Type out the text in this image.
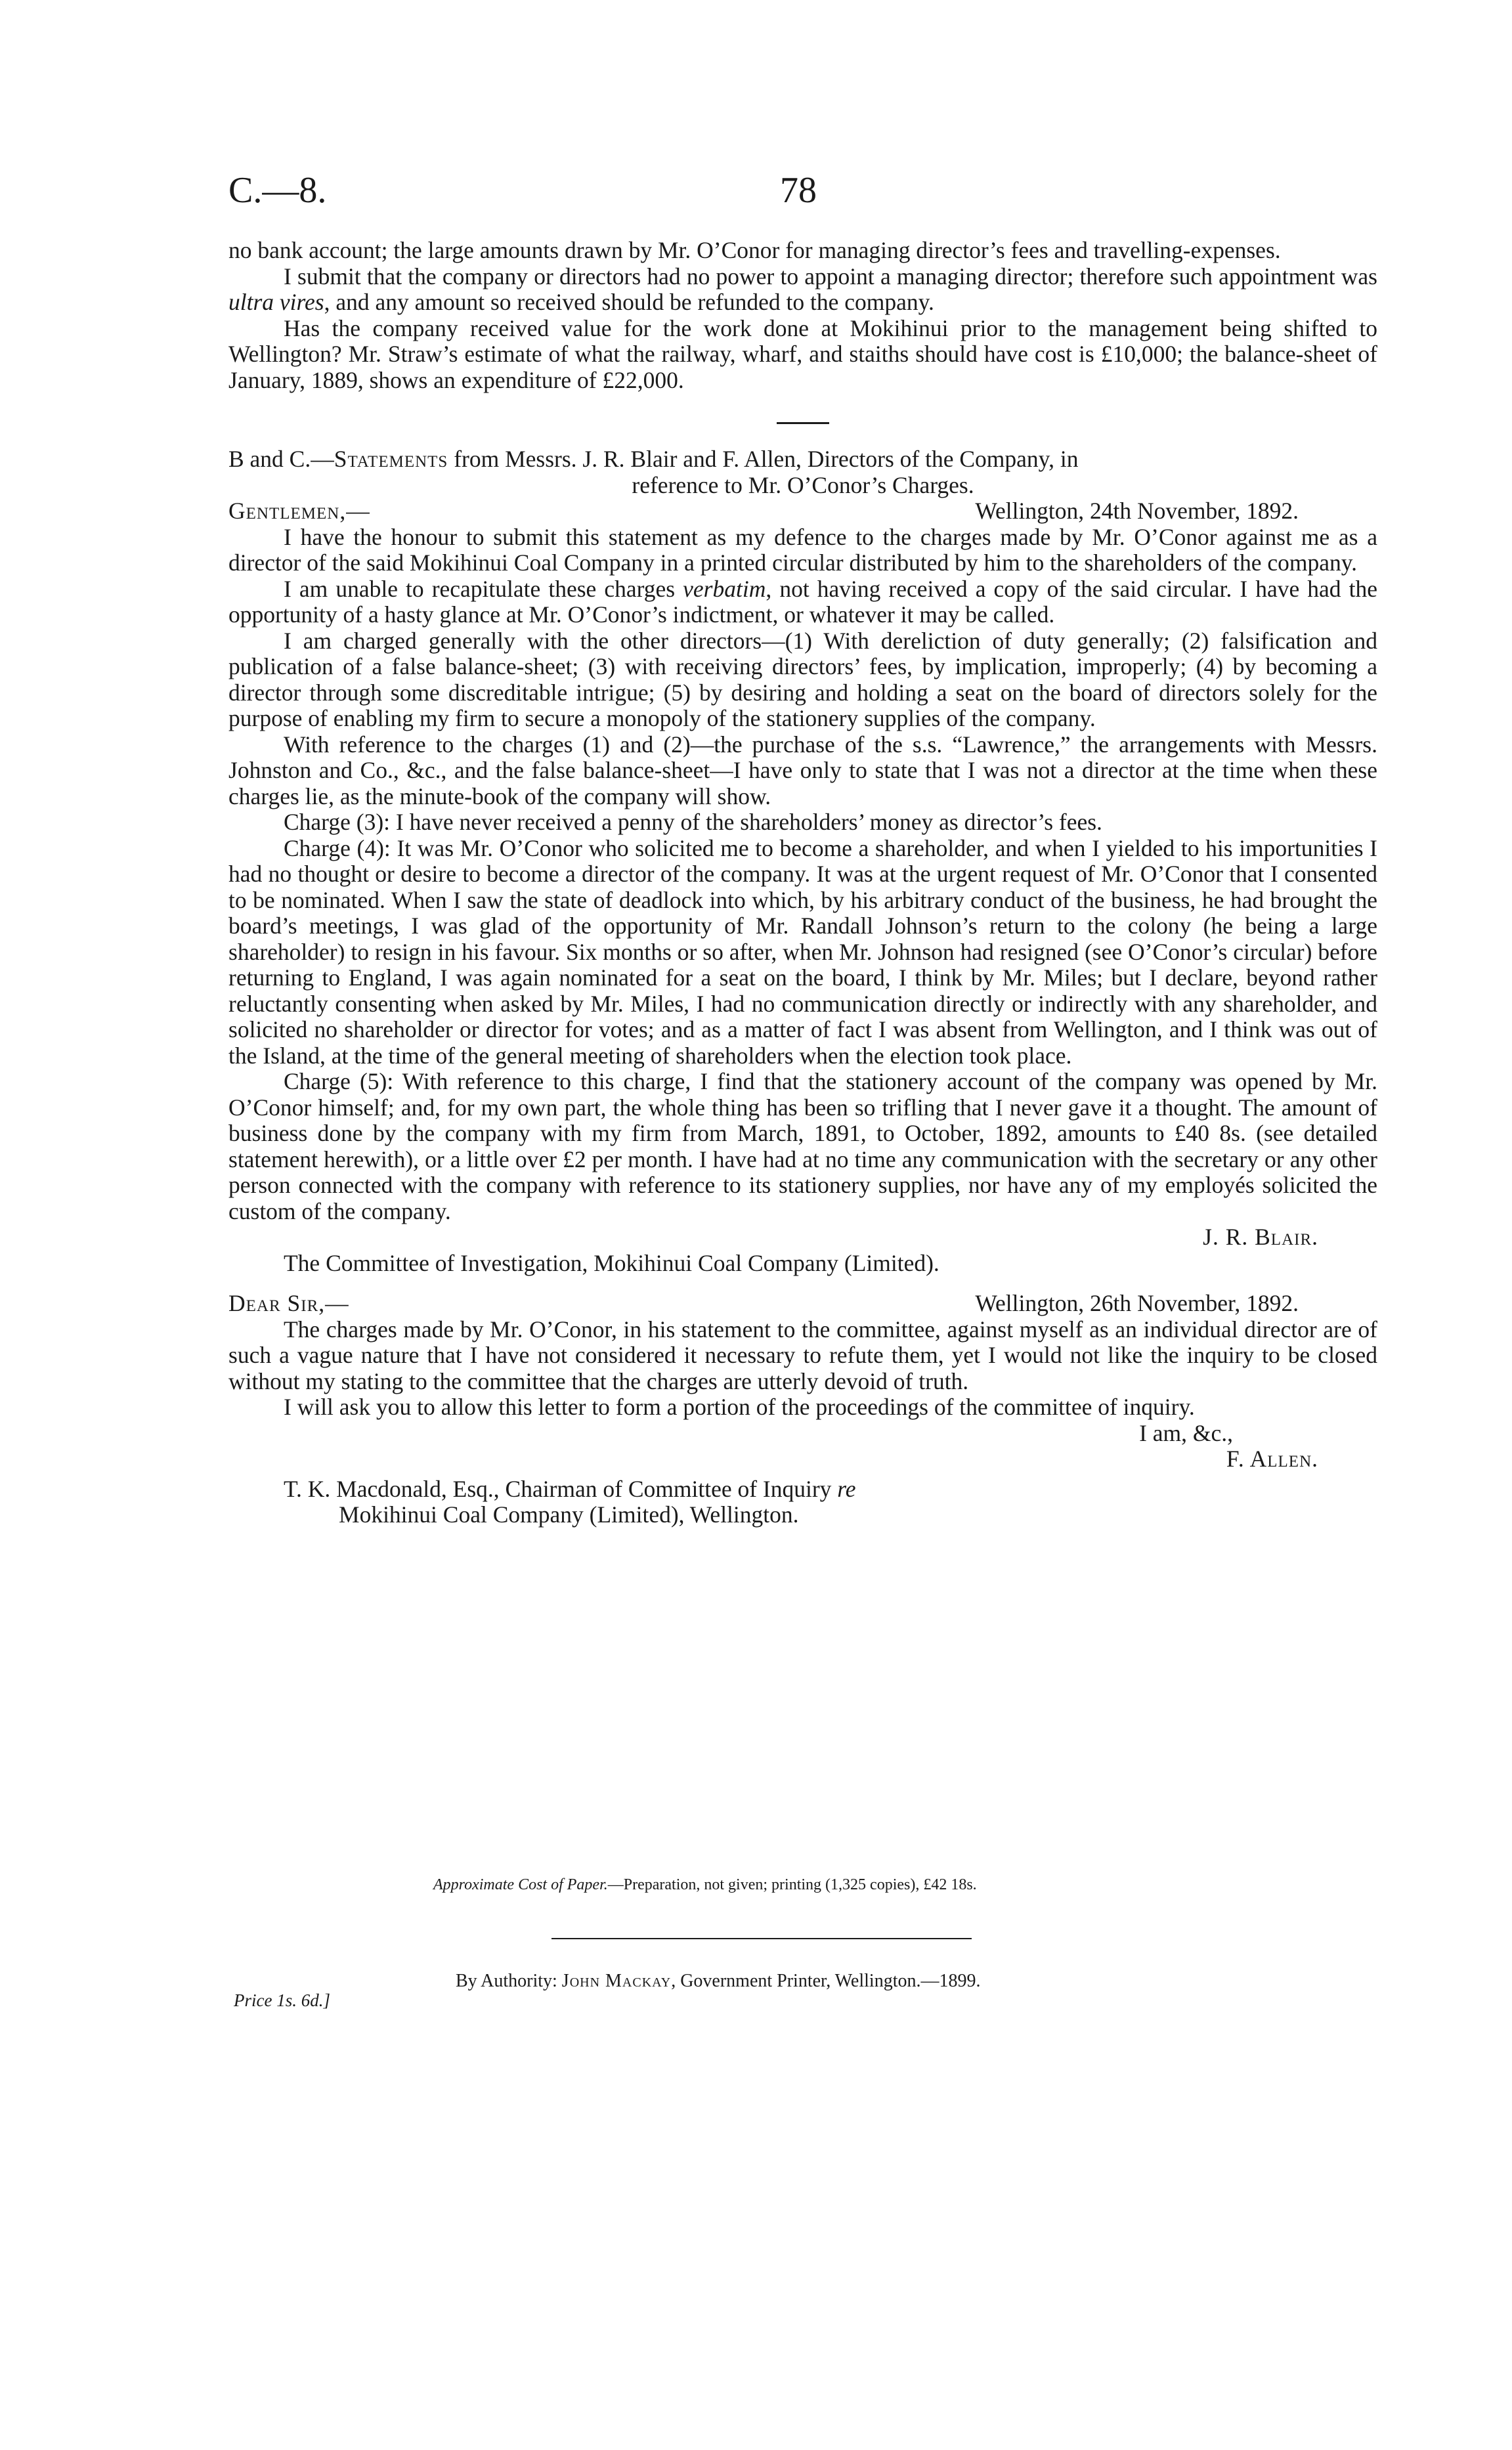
C.—8.	78

no bank account; the large amounts drawn by Mr. O’Conor for managing director’s fees and travelling-expenses.

I submit that the company or directors had no power to appoint a managing director; therefore such appointment was ultra vires, and any amount so received should be refunded to the company.

Has the company received value for the work done at Mokihinui prior to the management being shifted to Wellington? Mr. Straw’s estimate of what the railway, wharf, and staiths should have cost is £10,000; the balance-sheet of January, 1889, shows an expenditure of £22,000.

B and C.—Statements from Messrs. J. R. Blair and F. Allen, Directors of the Company, in

reference to Mr. O’Conor’s Charges.

Gentlemen,—	Wellington, 24th November, 1892.

I have the honour to submit this statement as my defence to the charges made by Mr. O’Conor against me as a director of the said Mokihinui Coal Company in a printed circular distributed by him to the shareholders of the company.

I am unable to recapitulate these charges verbatim, not having received a copy of the said circular. I have had the opportunity of a hasty glance at Mr. O’Conor’s indictment, or whatever it may be called.

I am charged generally with the other directors—(1) With dereliction of duty generally; (2) falsification and publication of a false balance-sheet; (3) with receiving directors’ fees, by implication, improperly; (4) by becoming a director through some discreditable intrigue; (5) by desiring and holding a seat on the board of directors solely for the purpose of enabling my firm to secure a monopoly of the stationery supplies of the company.

With reference to the charges (1) and (2)—the purchase of the s.s. “Lawrence,” the arrangements with Messrs. Johnston and Co., &c., and the false balance-sheet—I have only to state that I was not a director at the time when these charges lie, as the minute-book of the company will show.

Charge (3): I have never received a penny of the shareholders’ money as director’s fees.

Charge (4): It was Mr. O’Conor who solicited me to become a shareholder, and when I yielded to his importunities I had no thought or desire to become a director of the company. It was at the urgent request of Mr. O’Conor that I consented to be nominated. When I saw the state of deadlock into which, by his arbitrary conduct of the business, he had brought the board’s meetings, I was glad of the opportunity of Mr. Randall Johnson’s return to the colony (he being a large shareholder) to resign in his favour. Six months or so after, when Mr. Johnson had resigned (see O’Conor’s circular) before returning to England, I was again nominated for a seat on the board, I think by Mr. Miles; but I declare, beyond rather reluctantly consenting when asked by Mr. Miles, I had no communication directly or indirectly with any shareholder, and solicited no shareholder or director for votes; and as a matter of fact I was absent from Wellington, and I think was out of the Island, at the time of the general meeting of shareholders when the election took place.

Charge (5): With reference to this charge, I find that the stationery account of the company was opened by Mr. O’Conor himself; and, for my own part, the whole thing has been so trifling that I never gave it a thought. The amount of business done by the company with my firm from March, 1891, to October, 1892, amounts to £40 8s. (see detailed statement herewith), or a little over £2 per month. I have had at no time any communication with the secretary or any other person connected with the company with reference to its stationery supplies, nor have any of my employés solicited the custom of the company.

J. R. Blair.

The Committee of Investigation, Mokihinui Coal Company (Limited).

Dear Sir,—	Wellington, 26th November, 1892.

The charges made by Mr. O’Conor, in his statement to the committee, against myself as an individual director are of such a vague nature that I have not considered it necessary to refute them, yet I would not like the inquiry to be closed without my stating to the committee that the charges are utterly devoid of truth.

I will ask you to allow this letter to form a portion of the proceedings of the committee of inquiry.

I am, &c.,

F. Allen.

T. K. Macdonald, Esq., Chairman of Committee of Inquiry re
Mokihinui Coal Company (Limited), Wellington.
Approximate Cost of Paper.—Preparation, not given; printing (1,325 copies), £42 18s.
By Authority: John Mackay, Government Printer, Wellington.—1899.
Price 1s. 6d.]
